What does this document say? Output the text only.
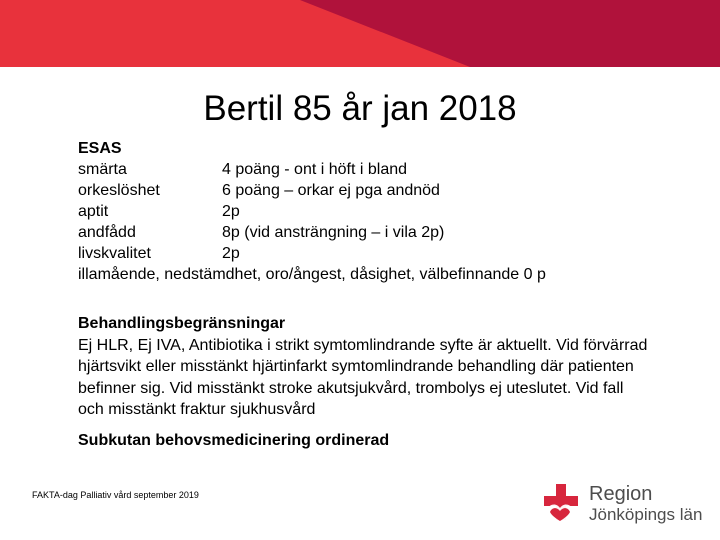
Bertil 85 år jan 2018
ESAS
smärta	4 poäng - ont i höft i bland
orkeslöshet	6 poäng – orkar ej pga andnöd
aptit	2p
andfådd	8p (vid ansträngning – i vila 2p)
livskvalitet	2p
illamående, nedstämdhet, oro/ångest, dåsighet, välbefinnande 0 p
Behandlingsbegränsningar
Ej HLR, Ej IVA, Antibiotika i strikt symtomlindrande syfte är aktuellt. Vid förvärrad hjärtsvikt eller misstänkt hjärtinfarkt symtomlindrande behandling där patienten befinner sig. Vid misstänkt stroke akutsjukvård, trombolys ej uteslutet. Vid fall och misstänkt fraktur sjukhusvård
Subkutan behovsmedicinering ordinerad
FAKTA-dag Palliativ vård september 2019	Region
Jönköpings län
